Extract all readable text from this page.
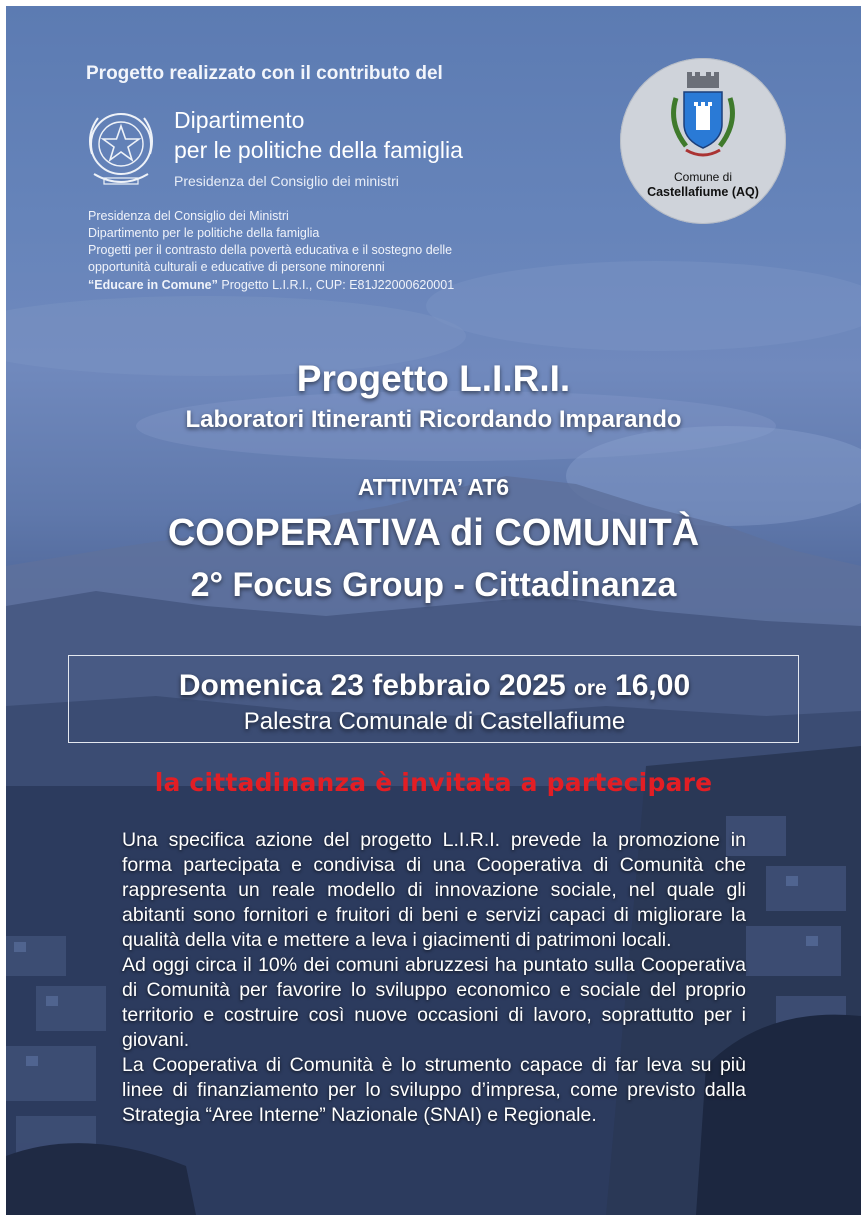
Progetto realizzato con il contributo del
Dipartimento
per le politiche della famiglia
Presidenza del Consiglio dei ministri
Presidenza del Consiglio dei Ministri
Dipartimento per le politiche della famiglia
Progetti per il contrasto della povertà educativa e il sostegno delle
opportunità culturali e educative di persone minorenni
“Educare in Comune” Progetto L.I.R.I., CUP: E81J22000620001
Comune di
Castellafiume (AQ)
Progetto L.I.R.I.
Laboratori Itineranti Ricordando Imparando
ATTIVITA’ AT6
COOPERATIVA di COMUNITÀ
2° Focus Group - Cittadinanza
Domenica 23 febbraio 2025 ore 16,00
Palestra Comunale di Castellafiume
la cittadinanza è invitata a partecipare

Una specifica azione del progetto L.I.R.I. prevede la promozione in forma partecipata e condivisa di una Cooperativa di Comunità che rappresenta un reale modello di innovazione sociale, nel quale gli abitanti sono fornitori e fruitori di beni e servizi capaci di migliorare la qualità della vita e mettere a leva i giacimenti di patrimoni locali.

Ad oggi circa il 10% dei comuni abruzzesi ha puntato sulla Cooperativa di Comunità per favorire lo sviluppo economico e sociale del proprio territorio e costruire così nuove occasioni di lavoro, soprattutto per i giovani.

La Cooperativa di Comunità è lo strumento capace di far leva su più linee di finanziamento per lo sviluppo d’impresa, come previsto dalla Strategia “Aree Interne” Nazionale (SNAI) e Regionale.
